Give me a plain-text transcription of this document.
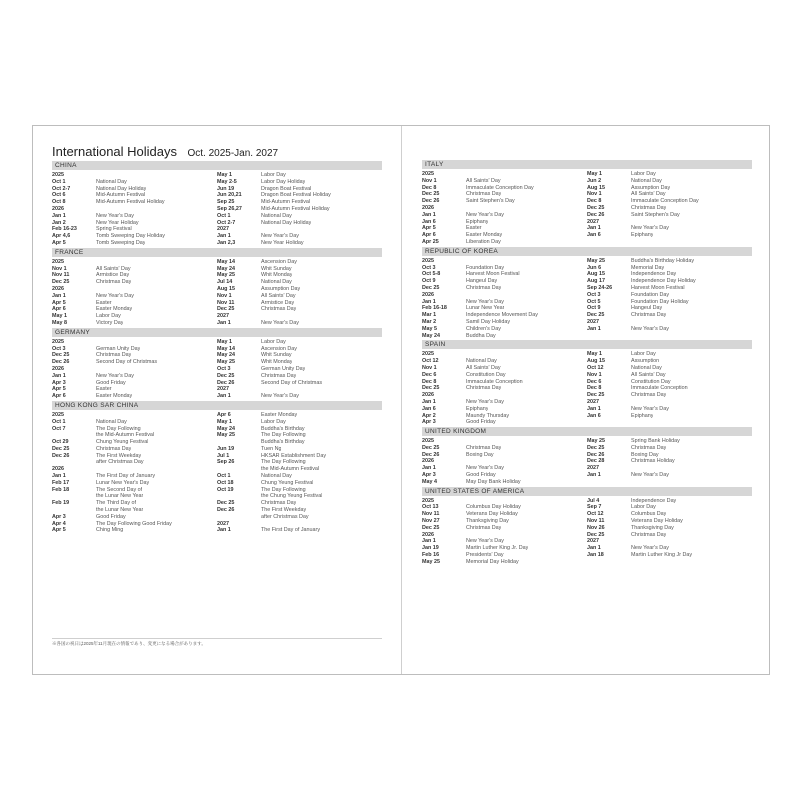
International Holidays Oct. 2025-Jan. 2027
CHINA
2025
Oct 1	National Day
Oct 2-7	National Day Holiday
Oct 6	Mid-Autumn Festival
Oct 8	Mid-Autumn Festival Holiday
2026
Jan 1	New Year's Day
Jan 2	New Year Holiday
Feb 16-23	Spring Festival
Apr 4,6	Tomb Sweeping Day Holiday
Apr 5	Tomb Sweeping Day
May 1	Labor Day
May 2-5	Labor Day Holiday
Jun 19	Dragon Boat Festival
Jun 20,21	Dragon Boat Festival Holiday
Sep 25	Mid-Autumn Festival
Sep 26,27	Mid-Autumn Festival Holiday
Oct 1	National Day
Oct 2-7	National Day Holiday
2027
Jan 1	New Year's Day
Jan 2,3	New Year Holiday
FRANCE
2025
Nov 1	All Saints' Day
Nov 11	Armistice Day
Dec 25	Christmas Day
2026
Jan 1	New Year's Day
Apr 5	Easter
Apr 6	Easter Monday
May 1	Labor Day
May 8	Victory Day
May 14	Ascension Day
May 24	Whit Sunday
May 25	Whit Monday
Jul 14	National Day
Aug 15	Assumption Day
Nov 1	All Saints' Day
Nov 11	Armistice Day
Dec 25	Christmas Day
2027
Jan 1	New Year's Day
GERMANY
2025
Oct 3	German Unity Day
Dec 25	Christmas Day
Dec 26	Second Day of Christmas
2026
Jan 1	New Year's Day
Apr 3	Good Friday
Apr 5	Easter
Apr 6	Easter Monday
May 1	Labor Day
May 14	Ascension Day
May 24	Whit Sunday
May 25	Whit Monday
Oct 3	German Unity Day
Dec 25	Christmas Day
Dec 26	Second Day of Christmas
2027
Jan 1	New Year's Day
HONG KONG SAR CHINA
2025
Oct 1	National Day
Oct 7	The Day Following
the Mid-Autumn Festival
Oct 29	Chung Yeung Festival
Dec 25	Christmas Day
Dec 26	The First Weekday
after Christmas Day
2026
Jan 1	The First Day of January
Feb 17	Lunar New Year's Day
Feb 18	The Second Day of
the Lunar New Year
Feb 19	The Third Day of
the Lunar New Year
Apr 3	Good Friday
Apr 4	The Day Following Good Friday
Apr 5	Ching Ming
Apr 6	Easter Monday
May 1	Labor Day
May 24	Buddha's Birthday
May 25	The Day Following
Buddha's Birthday
Jun 19	Tuen Ng
Jul 1	HKSAR Establishment Day
Sep 26	The Day Following
the Mid-Autumn Festival
Oct 1	National Day
Oct 18	Chung Yeung Festival
Oct 19	The Day Following
the Chung Yeung Festival
Dec 25	Christmas Day
Dec 26	The First Weekday
after Christmas Day
2027
Jan 1	The First Day of January
※各国の祝日は2025年11月現在の情報であり、変更になる場合があります。
ITALY
2025
Nov 1	All Saints' Day
Dec 8	Immaculate Conception Day
Dec 25	Christmas Day
Dec 26	Saint Stephen's Day
2026
Jan 1	New Year's Day
Jan 6	Epiphany
Apr 5	Easter
Apr 6	Easter Monday
Apr 25	Liberation Day
May 1	Labor Day
Jun 2	National Day
Aug 15	Assumption Day
Nov 1	All Saints' Day
Dec 8	Immaculate Conception Day
Dec 25	Christmas Day
Dec 26	Saint Stephen's Day
2027
Jan 1	New Year's Day
Jan 6	Epiphany
REPUBLIC OF KOREA
2025
Oct 3	Foundation Day
Oct 5-8	Harvest Moon Festival
Oct 9	Hangeul Day
Dec 25	Christmas Day
2026
Jan 1	New Year's Day
Feb 16-18	Lunar New Year
Mar 1	Independence Movement Day
Mar 2	Samil Day Holiday
May 5	Children's Day
May 24	Buddha Day
May 25	Buddha's Birthday Holiday
Jun 6	Memorial Day
Aug 15	Independence Day
Aug 17	Independence Day Holiday
Sep 24-26	Harvest Moon Festival
Oct 3	Foundation Day
Oct 5	Foundation Day Holiday
Oct 9	Hangeul Day
Dec 25	Christmas Day
2027
Jan 1	New Year's Day
SPAIN
2025
Oct 12	National Day
Nov 1	All Saints' Day
Dec 6	Constitution Day
Dec 8	Immaculate Conception
Dec 25	Christmas Day
2026
Jan 1	New Year's Day
Jan 6	Epiphany
Apr 2	Maundy Thursday
Apr 3	Good Friday
May 1	Labor Day
Aug 15	Assumption
Oct 12	National Day
Nov 1	All Saints' Day
Dec 6	Constitution Day
Dec 8	Immaculate Conception
Dec 25	Christmas Day
2027
Jan 1	New Year's Day
Jan 6	Epiphany
UNITED KINGDOM
2025
Dec 25	Christmas Day
Dec 26	Boxing Day
2026
Jan 1	New Year's Day
Apr 3	Good Friday
May 4	May Day Bank Holiday
May 25	Spring Bank Holiday
Dec 25	Christmas Day
Dec 26	Boxing Day
Dec 28	Christmas Holiday
2027
Jan 1	New Year's Day
UNITED STATES OF AMERICA
2025
Oct 13	Columbus Day Holiday
Nov 11	Veterans Day Holiday
Nov 27	Thanksgiving Day
Dec 25	Christmas Day
2026
Jan 1	New Year's Day
Jan 19	Martin Luther King Jr. Day
Feb 16	Presidents' Day
May 25	Memorial Day Holiday
Jul 4	Independence Day
Sep 7	Labor Day
Oct 12	Columbus Day
Nov 11	Veterans Day Holiday
Nov 26	Thanksgiving Day
Dec 25	Christmas Day
2027
Jan 1	New Year's Day
Jan 18	Martin Luther King Jr Day
